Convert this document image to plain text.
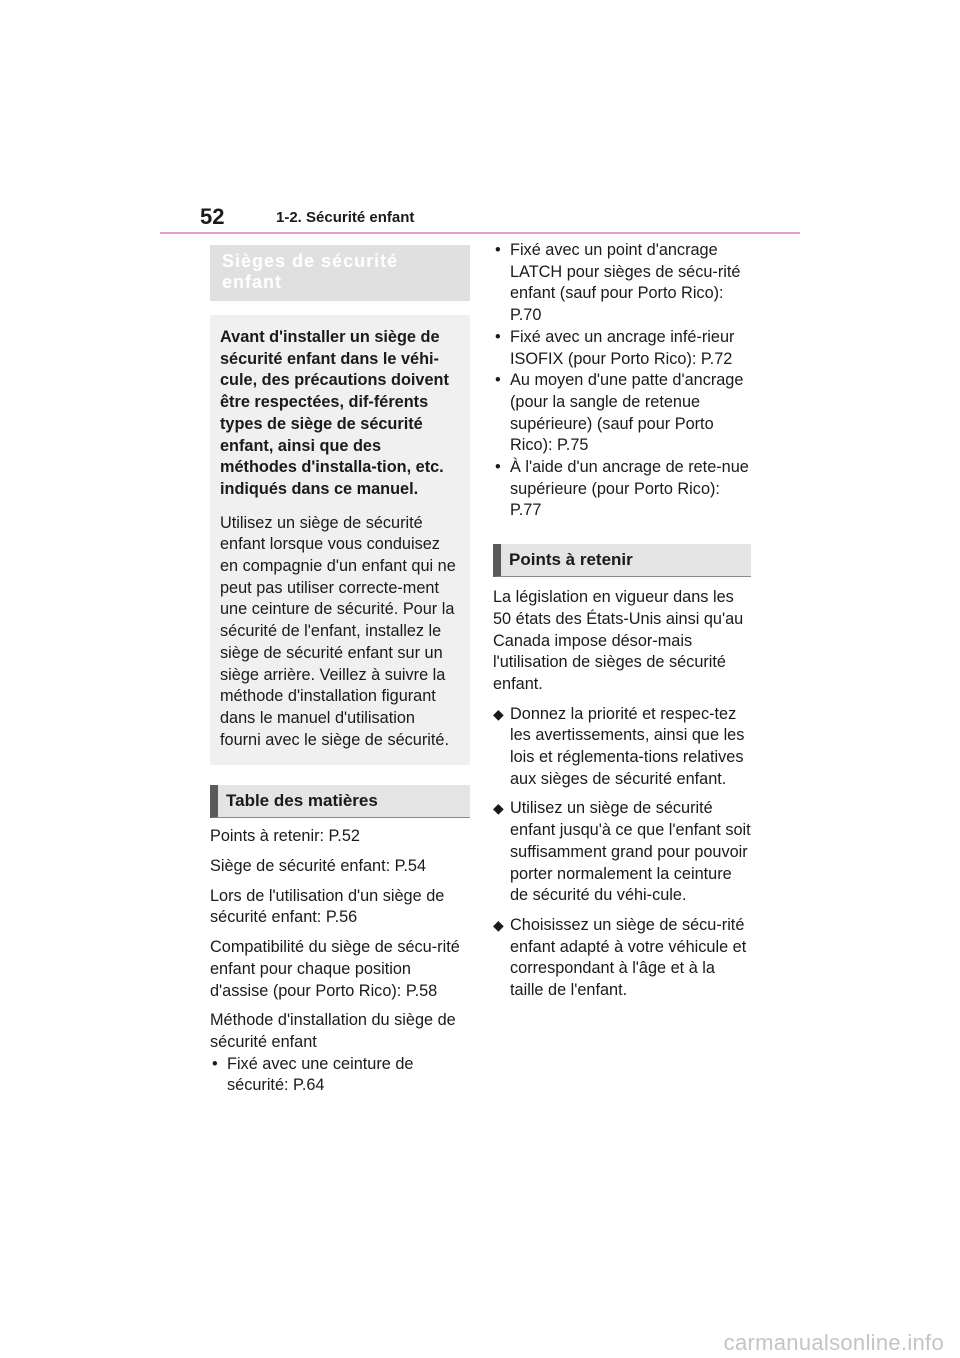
52	1-2. Sécurité enfant
Sièges de sécurité enfant

Avant d'installer un siège de sécurité enfant dans le véhi-cule, des précautions doivent être respectées, dif-férents types de siège de sécurité enfant, ainsi que des méthodes d'installa-tion, etc. indiqués dans ce manuel.

Utilisez un siège de sécurité enfant lorsque vous conduisez en compagnie d'un enfant qui ne peut pas utiliser correcte-ment une ceinture de sécurité. Pour la sécurité de l'enfant, installez le siège de sécurité enfant sur un siège arrière. Veillez à suivre la méthode d'installation figurant dans le manuel d'utilisation fourni avec le siège de sécurité.

Table des matières

Points à retenir: P.52

Siège de sécurité enfant: P.54

Lors de l'utilisation d'un siège de sécurité enfant: P.56

Compatibilité du siège de sécu-rité enfant pour chaque position d'assise (pour Porto Rico): P.58

Méthode d'installation du siège de sécurité enfant

• Fixé avec une ceinture de sécurité: P.64
• Fixé avec un point d'ancrage LATCH pour sièges de sécu-rité enfant (sauf pour Porto Rico): P.70
• Fixé avec un ancrage infé-rieur ISOFIX (pour Porto Rico): P.72
• Au moyen d'une patte d'ancrage (pour la sangle de retenue supérieure) (sauf pour Porto Rico): P.75
• À l'aide d'un ancrage de rete-nue supérieure (pour Porto Rico): P.77
Points à retenir

La législation en vigueur dans les 50 états des États-Unis ainsi qu'au Canada impose désor-mais l'utilisation de sièges de sécurité enfant.

◆ Donnez la priorité et respec-tez les avertissements, ainsi que les lois et réglementa-tions relatives aux sièges de sécurité enfant.
◆ Utilisez un siège de sécurité enfant jusqu'à ce que l'enfant soit suffisamment grand pour pouvoir porter normalement la ceinture de sécurité du véhi-cule.
◆ Choisissez un siège de sécu-rité enfant adapté à votre véhicule et correspondant à l'âge et à la taille de l'enfant.
carmanualsonline.info
